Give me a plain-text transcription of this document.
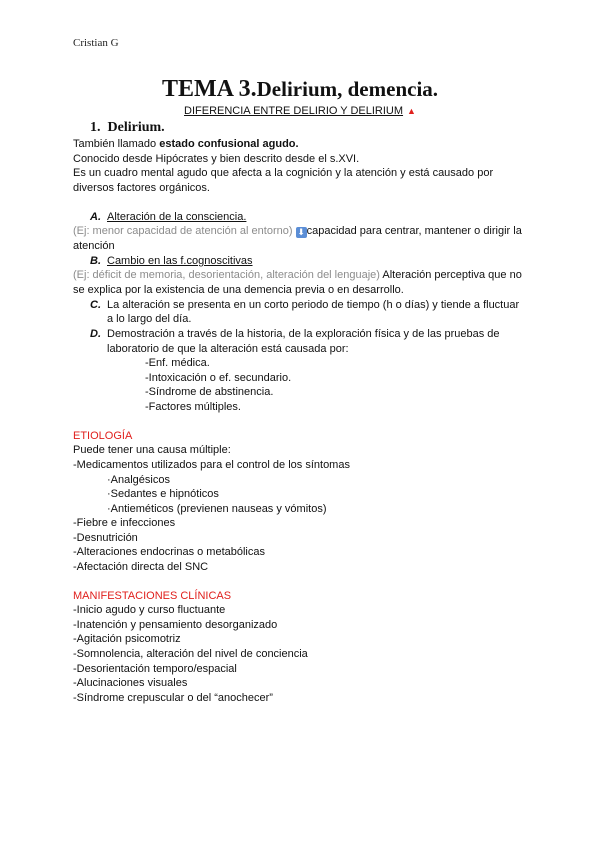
Cristian G
TEMA 3.Delirium, demencia.
DIFERENCIA ENTRE DELIRIO Y DELIRIUM ▲
1. Delirium.
También llamado estado confusional agudo.
Conocido desde Hipócrates y bien descrito desde el s.XVI.
Es un cuadro mental agudo que afecta a la cognición y la atención y está causado por
diversos factores orgánicos.
A. Alteración de la consciencia.
(Ej: menor capacidad de atención al entorno) ⬇ capacidad para centrar, mantener o dirigir la
atención
B. Cambio en las f.cognoscitivas
(Ej: déficit de memoria, desorientación, alteración del lenguaje) Alteración perceptiva que no
se explica por la existencia de una demencia previa o en desarrollo.
C. La alteración se presenta en un corto periodo de tiempo (h o días) y tiende a fluctuar
a lo largo del día.
D. Demostración a través de la historia, de la exploración física y de las pruebas de
laboratorio de que la alteración está causada por:
-Enf. médica.
-Intoxicación o ef. secundario.
-Síndrome de abstinencia.
-Factores múltiples.
ETIOLOGÍA
Puede tener una causa múltiple:
-Medicamentos utilizados para el control de los síntomas
·Analgésicos
·Sedantes e hipnóticos
·Antieméticos (previenen nauseas y vómitos)
-Fiebre e infecciones
-Desnutrición
-Alteraciones endocrinas o metabólicas
-Afectación directa del SNC
MANIFESTACIONES CLÍNICAS
-Inicio agudo y curso fluctuante
-Inatención y pensamiento desorganizado
-Agitación psicomotriz
-Somnolencia, alteración del nivel de conciencia
-Desorientación temporo/espacial
-Alucinaciones visuales
-Síndrome crepuscular o del “anochecer”
